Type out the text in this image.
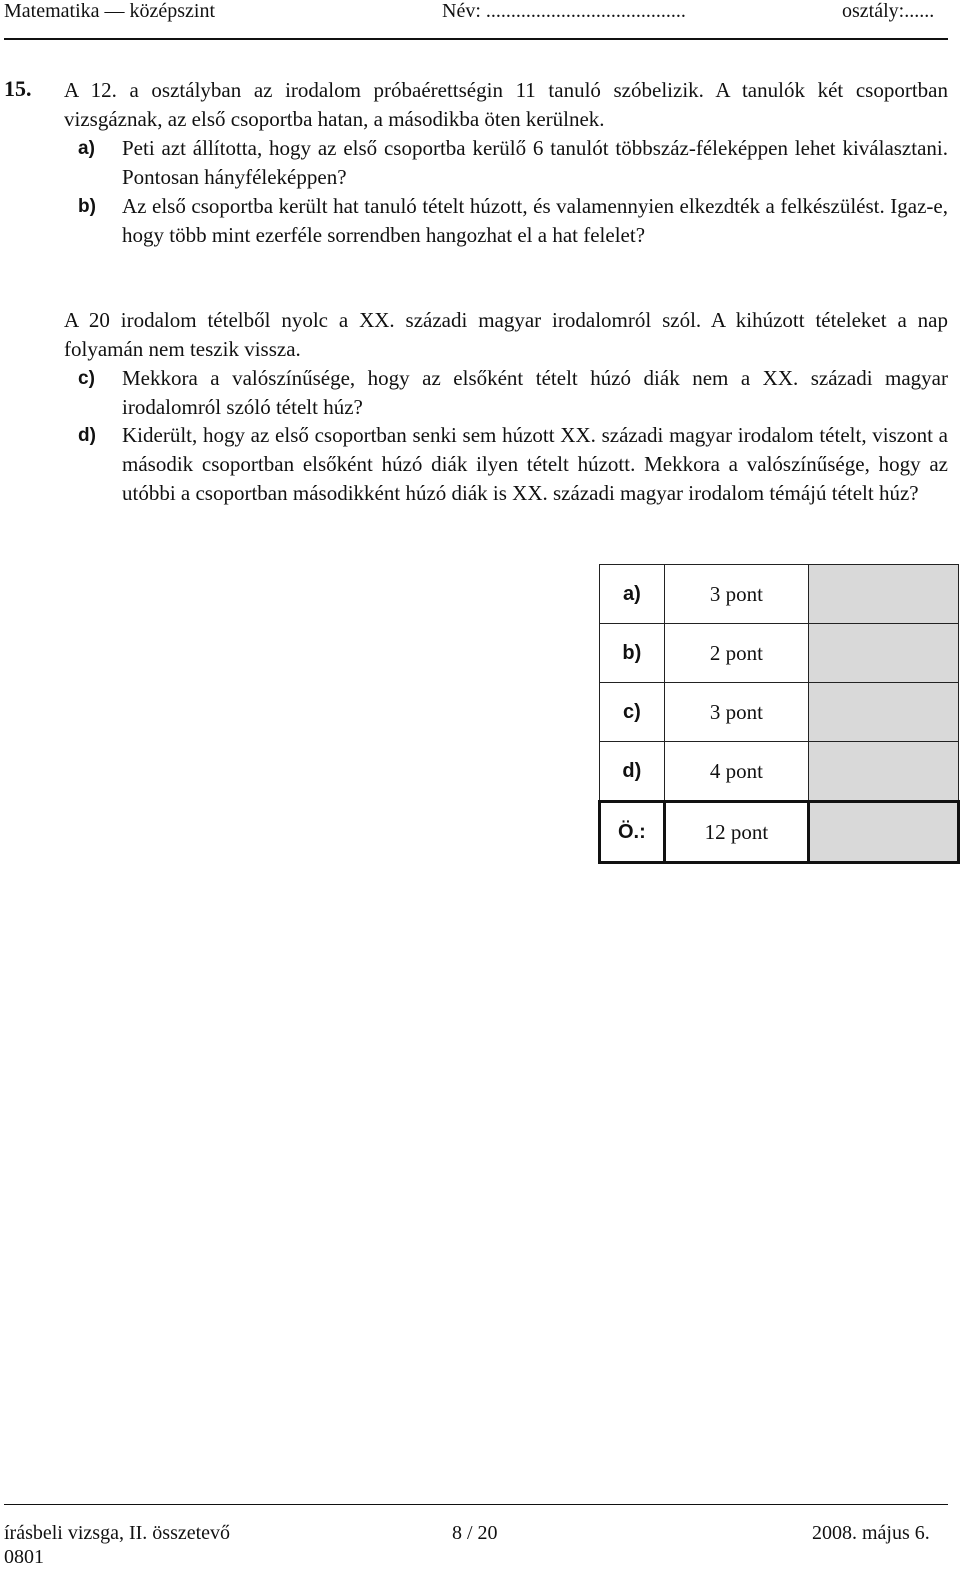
Matematika — középszint	Név: ........................................	osztály:......
15. A 12. a osztályban az irodalom próbaérettségin 11 tanuló szóbelizik. A tanulók két csoportban vizsgáznak, az első csoportba hatan, a másodikba öten kerülnek.
a) Peti azt állította, hogy az első csoportba kerülő 6 tanulót többszáz-féleképpen lehet kiválasztani. Pontosan hányféleképpen?
b) Az első csoportba került hat tanuló tételt húzott, és valamennyien elkezdték a felkészülést. Igaz-e, hogy több mint ezerféle sorrendben hangozhat el a hat felelet?
A 20 irodalom tételből nyolc a XX. századi magyar irodalomról szól. A kihúzott tételeket a nap folyamán nem teszik vissza.
c) Mekkora a valószínűsége, hogy az elsőként tételt húzó diák nem a XX. századi magyar irodalomról szóló tételt húz?
d) Kiderült, hogy az első csoportban senki sem húzott XX. századi magyar irodalom tételt, viszont a második csoportban elsőként húzó diák ilyen tételt húzott. Mekkora a valószínűsége, hogy az utóbbi a csoportban másodikként húzó diák is XX. századi magyar irodalom témájú tételt húz?
a)	3 pont	
b)	2 pont	
c)	3 pont	
d)	4 pont	
Ö.:	12 pont	
írásbeli vizsga, II. összetevő	8 / 20	2008. május 6.
0801
